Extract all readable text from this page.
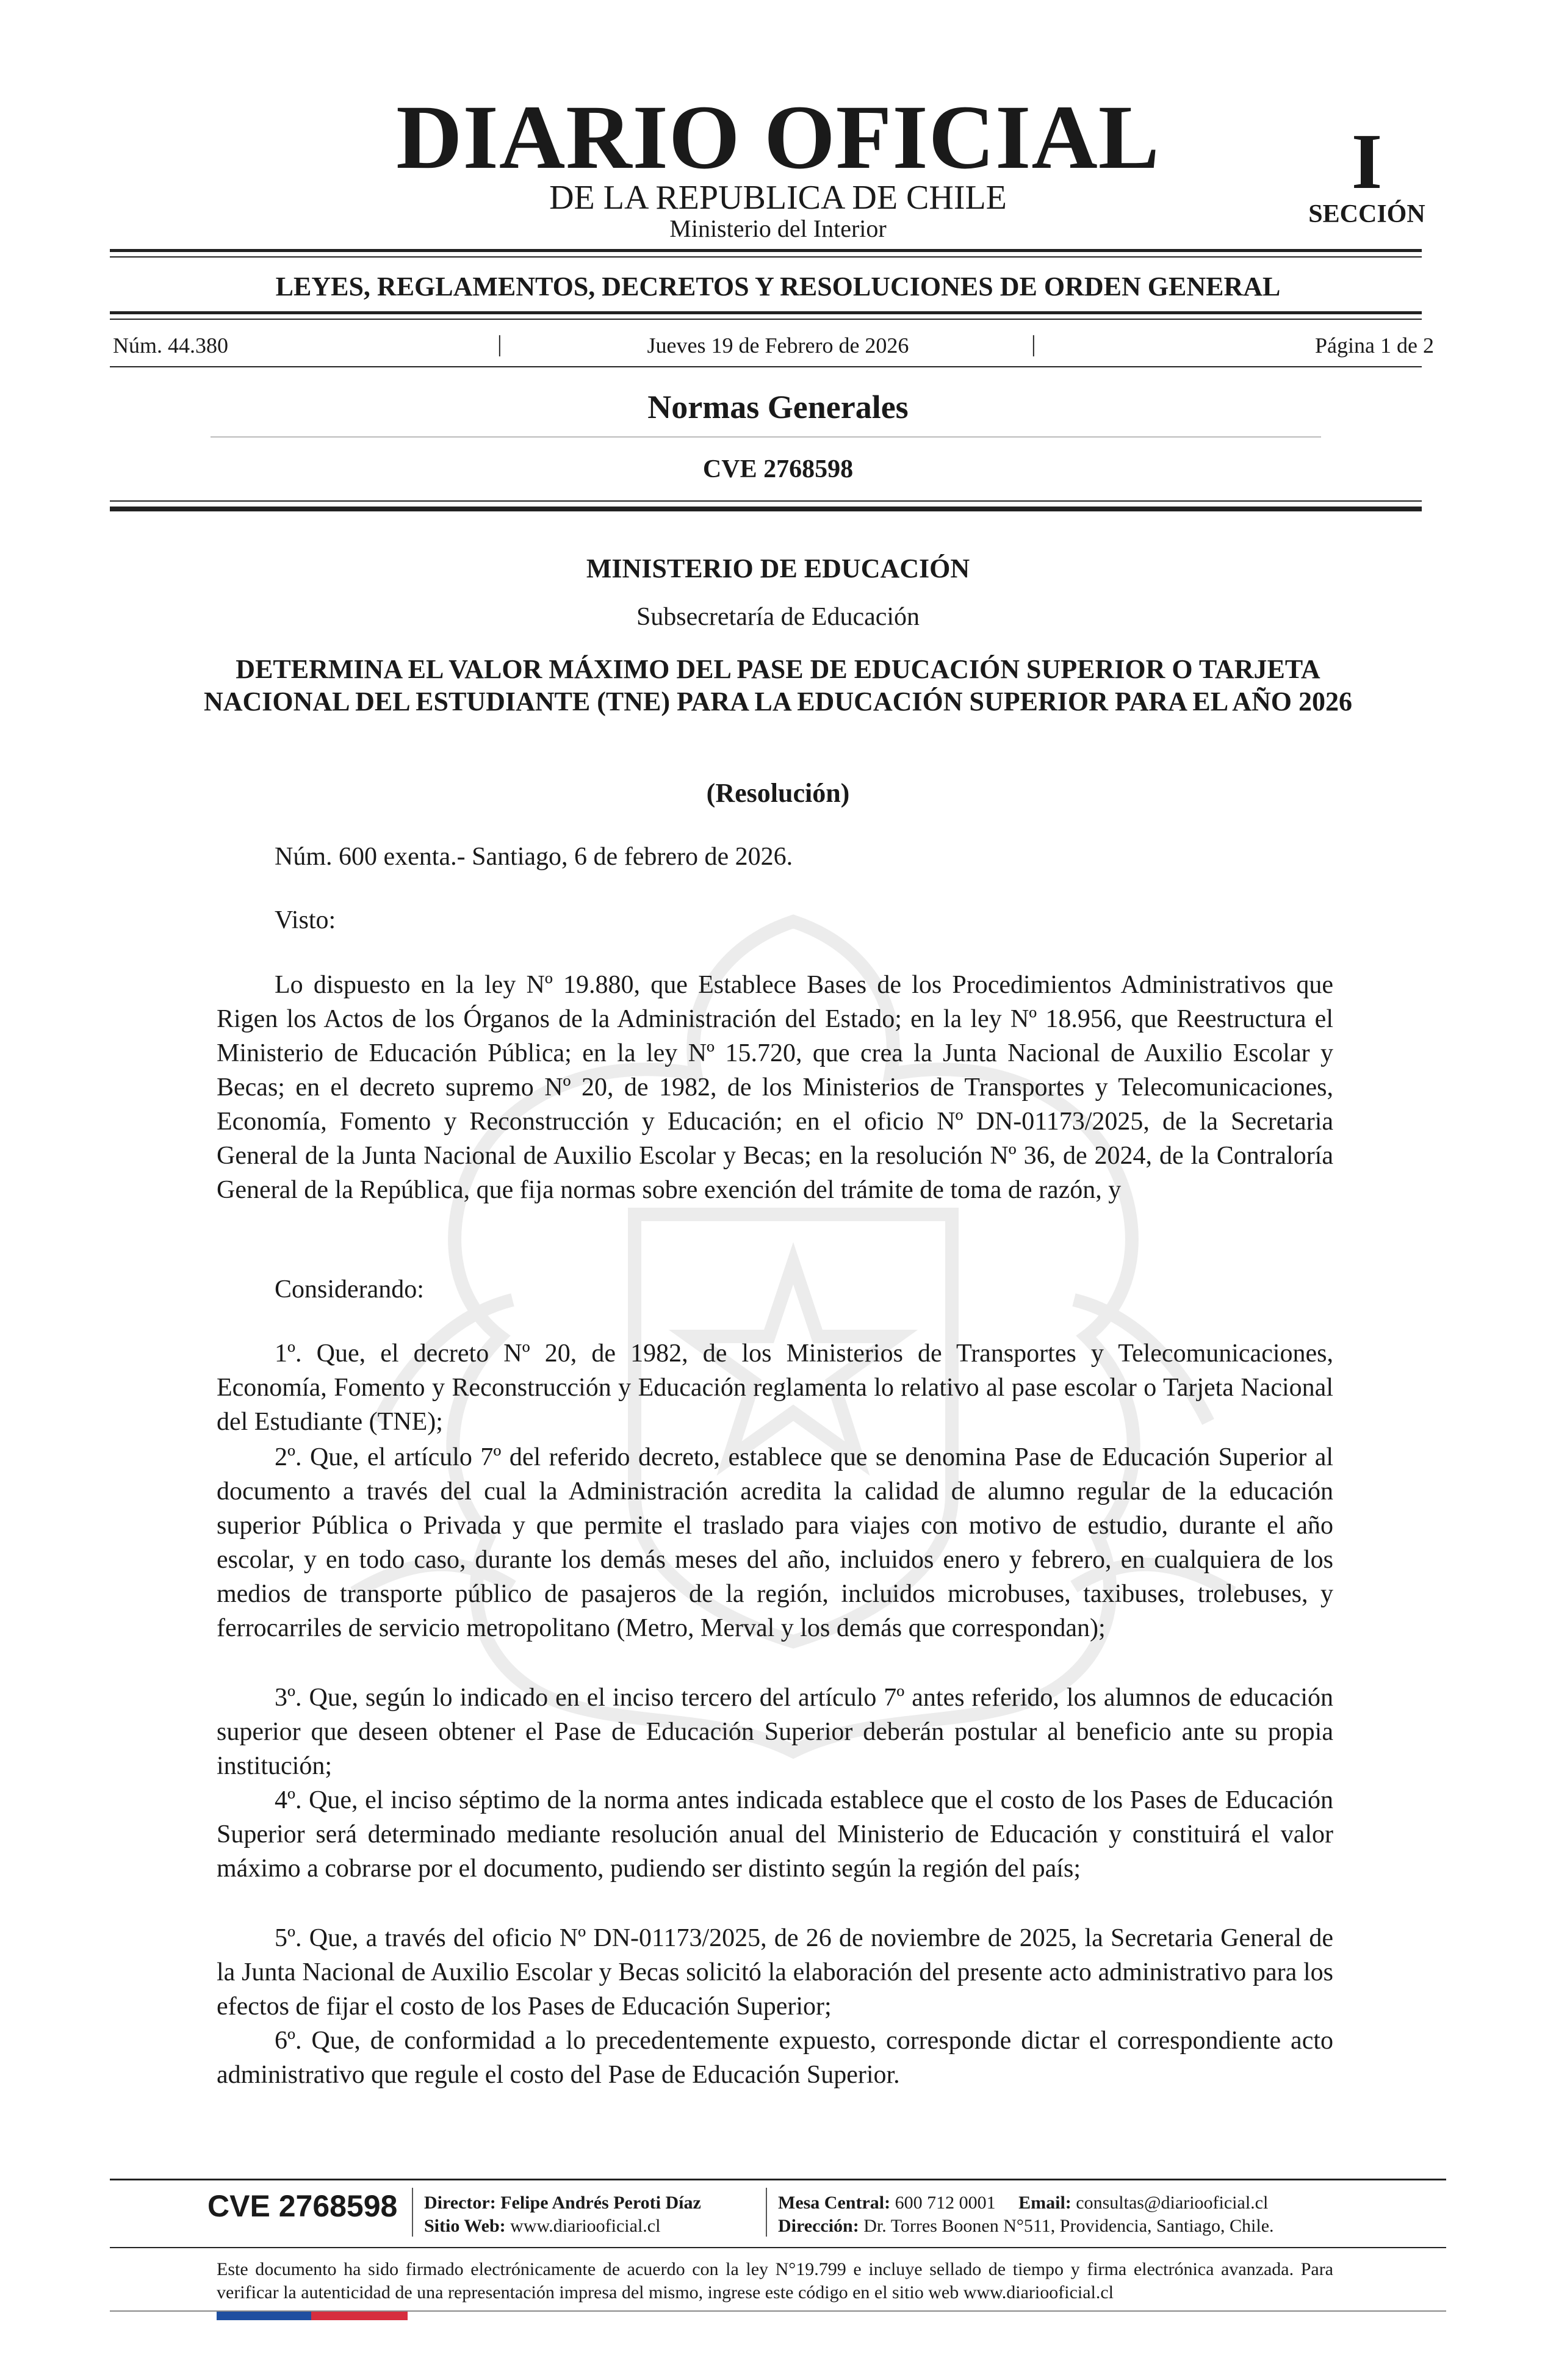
DIARIO OFICIAL
DE LA REPUBLICA DE CHILE
Ministerio del Interior
I
SECCIÓN
LEYES, REGLAMENTOS, DECRETOS Y RESOLUCIONES DE ORDEN GENERAL
Núm. 44.380	|	Jueves 19 de Febrero de 2026	|	Página 1 de 2
Normas Generales
CVE 2768598
MINISTERIO DE EDUCACIÓN
Subsecretaría de Educación
DETERMINA EL VALOR MÁXIMO DEL PASE DE EDUCACIÓN SUPERIOR O TARJETA NACIONAL DEL ESTUDIANTE (TNE) PARA LA EDUCACIÓN SUPERIOR PARA EL AÑO 2026
(Resolución)
Núm. 600 exenta.- Santiago, 6 de febrero de 2026.
Visto:
Lo dispuesto en la ley Nº 19.880, que Establece Bases de los Procedimientos Administrativos que Rigen los Actos de los Órganos de la Administración del Estado; en la ley Nº 18.956, que Reestructura el Ministerio de Educación Pública; en la ley Nº 15.720, que crea la Junta Nacional de Auxilio Escolar y Becas; en el decreto supremo Nº 20, de 1982, de los Ministerios de Transportes y Telecomunicaciones, Economía, Fomento y Reconstrucción y Educación; en el oficio Nº DN-01173/2025, de la Secretaria General de la Junta Nacional de Auxilio Escolar y Becas; en la resolución Nº 36, de 2024, de la Contraloría General de la República, que fija normas sobre exención del trámite de toma de razón, y
Considerando:
1º. Que, el decreto Nº 20, de 1982, de los Ministerios de Transportes y Telecomunicaciones, Economía, Fomento y Reconstrucción y Educación reglamenta lo relativo al pase escolar o Tarjeta Nacional del Estudiante (TNE);
2º. Que, el artículo 7º del referido decreto, establece que se denomina Pase de Educación Superior al documento a través del cual la Administración acredita la calidad de alumno regular de la educación superior Pública o Privada y que permite el traslado para viajes con motivo de estudio, durante el año escolar, y en todo caso, durante los demás meses del año, incluidos enero y febrero, en cualquiera de los medios de transporte público de pasajeros de la región, incluidos microbuses, taxibuses, trolebuses, y ferrocarriles de servicio metropolitano (Metro, Merval y los demás que correspondan);
3º. Que, según lo indicado en el inciso tercero del artículo 7º antes referido, los alumnos de educación superior que deseen obtener el Pase de Educación Superior deberán postular al beneficio ante su propia institución;
4º. Que, el inciso séptimo de la norma antes indicada establece que el costo de los Pases de Educación Superior será determinado mediante resolución anual del Ministerio de Educación y constituirá el valor máximo a cobrarse por el documento, pudiendo ser distinto según la región del país;
5º. Que, a través del oficio Nº DN-01173/2025, de 26 de noviembre de 2025, la Secretaria General de la Junta Nacional de Auxilio Escolar y Becas solicitó la elaboración del presente acto administrativo para los efectos de fijar el costo de los Pases de Educación Superior;
6º. Que, de conformidad a lo precedentemente expuesto, corresponde dictar el correspondiente acto administrativo que regule el costo del Pase de Educación Superior.
CVE 2768598 Director: Felipe Andrés Peroti Díaz
Sitio Web: www.diariooficial.cl
Mesa Central: 600 712 0001 Email: consultas@diariooficial.cl
Dirección: Dr. Torres Boonen N°511, Providencia, Santiago, Chile.
Este documento ha sido firmado electrónicamente de acuerdo con la ley N°19.799 e incluye sellado de tiempo y firma electrónica avanzada. Para verificar la autenticidad de una representación impresa del mismo, ingrese este código en el sitio web www.diariooficial.cl
